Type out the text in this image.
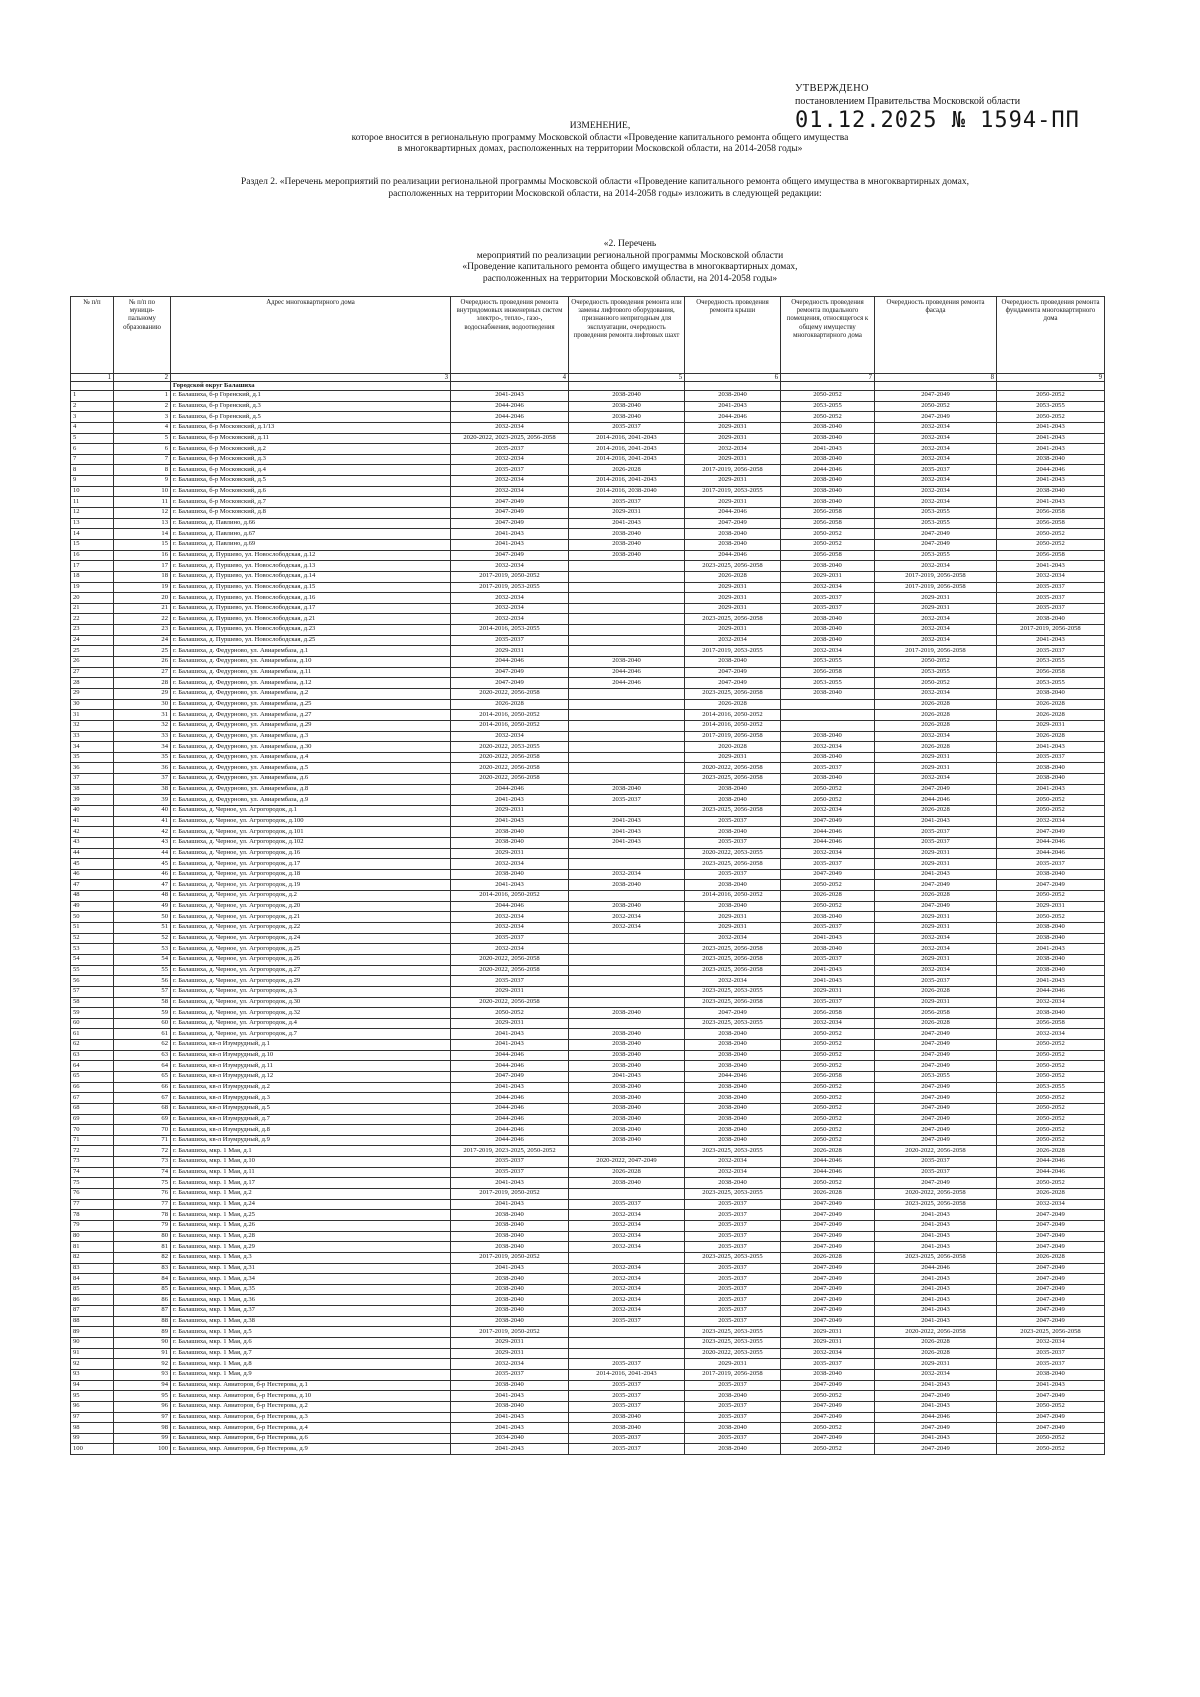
УТВЕРЖДЕНО
постановлением Правительства Московской области
01.12.2025 № 1594-ПП
ИЗМЕНЕНИЕ,
которое вносится в региональную программу Московской области «Проведение капитального ремонта общего имущества
в многоквартирных домах, расположенных на территории Московской области, на 2014-2058 годы»
Раздел 2. «Перечень мероприятий по реализации региональной программы Московской области «Проведение капитального ремонта общего имущества в многоквартирных домах,
расположенных на территории Московской области, на 2014-2058 годы» изложить в следующей редакции:
«2. Перечень
мероприятий по реализации региональной программы Московской области
«Проведение капитального ремонта общего имущества в многоквартирных домах,
расположенных на территории Московской области, на 2014-2058 годы»
№ п/п	№ п/п по муници-пальному образованию	Адрес многоквартирного дома	Очередность проведения ремонта внутридомовых инженерных систем электро-, тепло-, газо-, водоснабжения, водоотведения	Очередность проведения ремонта или замены лифтового оборудования, признанного непригодным для эксплуатации, очередность проведения ремонта лифтовых шахт	Очередность проведения ремонта крыши	Очередность проведения ремонта подвального помещения, относящегося к общему имуществу многоквартирного дома	Очередность проведения ремонта фасада	Очередность проведения ремонта фундамента многоквартирного дома
1	2	3	4	5	6	7	8	9
		Городской округ Балашиха						
1	1	г. Балашиха, б-р Горенский, д.1	2041-2043	2038-2040	2038-2040	2050-2052	2047-2049	2050-2052
2	2	г. Балашиха, б-р Горенский, д.3	2044-2046	2038-2040	2041-2043	2053-2055	2050-2052	2053-2055
3	3	г. Балашиха, б-р Горенский, д.5	2044-2046	2038-2040	2044-2046	2050-2052	2047-2049	2050-2052
4	4	г. Балашиха, б-р Московский, д.1/13	2032-2034	2035-2037	2029-2031	2038-2040	2032-2034	2041-2043
5	5	г. Балашиха, б-р Московский, д.11	2020-2022, 2023-2025, 2056-2058	2014-2016, 2041-2043	2029-2031	2038-2040	2032-2034	2041-2043
6	6	г. Балашиха, б-р Московский, д.2	2035-2037	2014-2016, 2041-2043	2032-2034	2041-2043	2032-2034	2041-2043
7	7	г. Балашиха, б-р Московский, д.3	2032-2034	2014-2016, 2041-2043	2029-2031	2038-2040	2032-2034	2038-2040
8	8	г. Балашиха, б-р Московский, д.4	2035-2037	2026-2028	2017-2019, 2056-2058	2044-2046	2035-2037	2044-2046
9	9	г. Балашиха, б-р Московский, д.5	2032-2034	2014-2016, 2041-2043	2029-2031	2038-2040	2032-2034	2041-2043
10	10	г. Балашиха, б-р Московский, д.6	2032-2034	2014-2016, 2038-2040	2017-2019, 2053-2055	2038-2040	2032-2034	2038-2040
11	11	г. Балашиха, б-р Московский, д.7	2047-2049	2035-2037	2029-2031	2038-2040	2032-2034	2041-2043
12	12	г. Балашиха, б-р Московский, д.8	2047-2049	2029-2031	2044-2046	2056-2058	2053-2055	2056-2058
13	13	г. Балашиха, д. Павлино, д.66	2047-2049	2041-2043	2047-2049	2056-2058	2053-2055	2056-2058
14	14	г. Балашиха, д. Павлино, д.67	2041-2043	2038-2040	2038-2040	2050-2052	2047-2049	2050-2052
15	15	г. Балашиха, д. Павлино, д.69	2041-2043	2038-2040	2038-2040	2050-2052	2047-2049	2050-2052
16	16	г. Балашиха, д. Пуршево, ул. Новослободская, д.12	2047-2049	2038-2040	2044-2046	2056-2058	2053-2055	2056-2058
17	17	г. Балашиха, д. Пуршево, ул. Новослободская, д.13	2032-2034		2023-2025, 2056-2058	2038-2040	2032-2034	2041-2043
18	18	г. Балашиха, д. Пуршево, ул. Новослободская, д.14	2017-2019, 2050-2052		2026-2028	2029-2031	2017-2019, 2056-2058	2032-2034
19	19	г. Балашиха, д. Пуршево, ул. Новослободская, д.15	2017-2019, 2053-2055		2029-2031	2032-2034	2017-2019, 2056-2058	2035-2037
20	20	г. Балашиха, д. Пуршево, ул. Новослободская, д.16	2032-2034		2029-2031	2035-2037	2029-2031	2035-2037
21	21	г. Балашиха, д. Пуршево, ул. Новослободская, д.17	2032-2034		2029-2031	2035-2037	2029-2031	2035-2037
22	22	г. Балашиха, д. Пуршево, ул. Новослободская, д.21	2032-2034		2023-2025, 2056-2058	2038-2040	2032-2034	2038-2040
23	23	г. Балашиха, д. Пуршево, ул. Новослободская, д.23	2014-2016, 2053-2055		2029-2031	2038-2040	2032-2034	2017-2019, 2056-2058
24	24	г. Балашиха, д. Пуршево, ул. Новослободская, д.25	2035-2037		2032-2034	2038-2040	2032-2034	2041-2043
25	25	г. Балашиха, д. Федурново, ул. Авиарембаза, д.1	2029-2031		2017-2019, 2053-2055	2032-2034	2017-2019, 2056-2058	2035-2037
26	26	г. Балашиха, д. Федурново, ул. Авиарембаза, д.10	2044-2046	2038-2040	2038-2040	2053-2055	2050-2052	2053-2055
27	27	г. Балашиха, д. Федурново, ул. Авиарембаза, д.11	2047-2049	2044-2046	2047-2049	2056-2058	2053-2055	2056-2058
28	28	г. Балашиха, д. Федурново, ул. Авиарембаза, д.12	2047-2049	2044-2046	2047-2049	2053-2055	2050-2052	2053-2055
29	29	г. Балашиха, д. Федурново, ул. Авиарембаза, д.2	2020-2022, 2056-2058		2023-2025, 2056-2058	2038-2040	2032-2034	2038-2040
30	30	г. Балашиха, д. Федурново, ул. Авиарембаза, д.25	2026-2028		2026-2028		2026-2028	2026-2028
31	31	г. Балашиха, д. Федурново, ул. Авиарембаза, д.27	2014-2016, 2050-2052		2014-2016, 2050-2052		2026-2028	2026-2028
32	32	г. Балашиха, д. Федурново, ул. Авиарембаза, д.29	2014-2016, 2050-2052		2014-2016, 2050-2052		2026-2028	2029-2031
33	33	г. Балашиха, д. Федурново, ул. Авиарембаза, д.3	2032-2034		2017-2019, 2056-2058	2038-2040	2032-2034	2026-2028
34	34	г. Балашиха, д. Федурново, ул. Авиарембаза, д.30	2020-2022, 2053-2055		2020-2028	2032-2034	2026-2028	2041-2043
35	35	г. Балашиха, д. Федурново, ул. Авиарембаза, д.4	2020-2022, 2056-2058		2029-2031	2038-2040	2029-2031	2035-2037
36	36	г. Балашиха, д. Федурново, ул. Авиарембаза, д.5	2020-2022, 2056-2058		2020-2022, 2056-2058	2035-2037	2029-2031	2038-2040
37	37	г. Балашиха, д. Федурново, ул. Авиарембаза, д.6	2020-2022, 2056-2058		2023-2025, 2056-2058	2038-2040	2032-2034	2038-2040
38	38	г. Балашиха, д. Федурново, ул. Авиарембаза, д.8	2044-2046	2038-2040	2038-2040	2050-2052	2047-2049	2041-2043
39	39	г. Балашиха, д. Федурново, ул. Авиарембаза, д.9	2041-2043	2035-2037	2038-2040	2050-2052	2044-2046	2050-2052
40	40	г. Балашиха, д. Черное, ул. Агрогородок, д.1	2029-2031		2023-2025, 2056-2058	2032-2034	2026-2028	2050-2052
41	41	г. Балашиха, д. Черное, ул. Агрогородок, д.100	2041-2043	2041-2043	2035-2037	2047-2049	2041-2043	2032-2034
42	42	г. Балашиха, д. Черное, ул. Агрогородок, д.101	2038-2040	2041-2043	2038-2040	2044-2046	2035-2037	2047-2049
43	43	г. Балашиха, д. Черное, ул. Агрогородок, д.102	2038-2040	2041-2043	2035-2037	2044-2046	2035-2037	2044-2046
44	44	г. Балашиха, д. Черное, ул. Агрогородок, д.16	2029-2031		2020-2022, 2053-2055	2032-2034	2029-2031	2044-2046
45	45	г. Балашиха, д. Черное, ул. Агрогородок, д.17	2032-2034		2023-2025, 2056-2058	2035-2037	2029-2031	2035-2037
46	46	г. Балашиха, д. Черное, ул. Агрогородок, д.18	2038-2040	2032-2034	2035-2037	2047-2049	2041-2043	2038-2040
47	47	г. Балашиха, д. Черное, ул. Агрогородок, д.19	2041-2043	2038-2040	2038-2040	2050-2052	2047-2049	2047-2049
48	48	г. Балашиха, д. Черное, ул. Агрогородок, д.2	2014-2016, 2050-2052		2014-2016, 2050-2052	2026-2028	2026-2028	2050-2052
49	49	г. Балашиха, д. Черное, ул. Агрогородок, д.20	2044-2046	2038-2040	2038-2040	2050-2052	2047-2049	2029-2031
50	50	г. Балашиха, д. Черное, ул. Агрогородок, д.21	2032-2034	2032-2034	2029-2031	2038-2040	2029-2031	2050-2052
51	51	г. Балашиха, д. Черное, ул. Агрогородок, д.22	2032-2034	2032-2034	2029-2031	2035-2037	2029-2031	2038-2040
52	52	г. Балашиха, д. Черное, ул. Агрогородок, д.24	2035-2037		2032-2034	2041-2043	2032-2034	2038-2040
53	53	г. Балашиха, д. Черное, ул. Агрогородок, д.25	2032-2034		2023-2025, 2056-2058	2038-2040	2032-2034	2041-2043
54	54	г. Балашиха, д. Черное, ул. Агрогородок, д.26	2020-2022, 2056-2058		2023-2025, 2056-2058	2035-2037	2029-2031	2038-2040
55	55	г. Балашиха, д. Черное, ул. Агрогородок, д.27	2020-2022, 2056-2058		2023-2025, 2056-2058	2041-2043	2032-2034	2038-2040
56	56	г. Балашиха, д. Черное, ул. Агрогородок, д.29	2035-2037		2032-2034	2041-2043	2035-2037	2041-2043
57	57	г. Балашиха, д. Черное, ул. Агрогородок, д.3	2029-2031		2023-2025, 2053-2055	2029-2031	2026-2028	2044-2046
58	58	г. Балашиха, д. Черное, ул. Агрогородок, д.30	2020-2022, 2056-2058		2023-2025, 2056-2058	2035-2037	2029-2031	2032-2034
59	59	г. Балашиха, д. Черное, ул. Агрогородок, д.32	2050-2052	2038-2040	2047-2049	2056-2058	2056-2058	2038-2040
60	60	г. Балашиха, д. Черное, ул. Агрогородок, д.4	2029-2031		2023-2025, 2053-2055	2032-2034	2026-2028	2056-2058
61	61	г. Балашиха, д. Черное, ул. Агрогородок, д.7	2041-2043	2038-2040	2038-2040	2050-2052	2047-2049	2032-2034
62	62	г. Балашиха, кв-л Изумрудный, д.1	2041-2043	2038-2040	2038-2040	2050-2052	2047-2049	2050-2052
63	63	г. Балашиха, кв-л Изумрудный, д.10	2044-2046	2038-2040	2038-2040	2050-2052	2047-2049	2050-2052
64	64	г. Балашиха, кв-л Изумрудный, д.11	2044-2046	2038-2040	2038-2040	2050-2052	2047-2049	2050-2052
65	65	г. Балашиха, кв-л Изумрудный, д.12	2047-2049	2041-2043	2044-2046	2056-2058	2053-2055	2050-2052
66	66	г. Балашиха, кв-л Изумрудный, д.2	2041-2043	2038-2040	2038-2040	2050-2052	2047-2049	2053-2055
67	67	г. Балашиха, кв-л Изумрудный, д.3	2044-2046	2038-2040	2038-2040	2050-2052	2047-2049	2050-2052
68	68	г. Балашиха, кв-л Изумрудный, д.5	2044-2046	2038-2040	2038-2040	2050-2052	2047-2049	2050-2052
69	69	г. Балашиха, кв-л Изумрудный, д.7	2044-2046	2038-2040	2038-2040	2050-2052	2047-2049	2050-2052
70	70	г. Балашиха, кв-л Изумрудный, д.8	2044-2046	2038-2040	2038-2040	2050-2052	2047-2049	2050-2052
71	71	г. Балашиха, кв-л Изумрудный, д.9	2044-2046	2038-2040	2038-2040	2050-2052	2047-2049	2050-2052
72	72	г. Балашиха, мкр. 1 Мая, д.1	2017-2019, 2023-2025, 2050-2052		2023-2025, 2053-2055	2026-2028	2020-2022, 2056-2058	2026-2028
73	73	г. Балашиха, мкр. 1 Мая, д.10	2035-2037	2020-2022, 2047-2049	2032-2034	2044-2046	2035-2037	2044-2046
74	74	г. Балашиха, мкр. 1 Мая, д.11	2035-2037	2026-2028	2032-2034	2044-2046	2035-2037	2044-2046
75	75	г. Балашиха, мкр. 1 Мая, д.17	2041-2043	2038-2040	2038-2040	2050-2052	2047-2049	2050-2052
76	76	г. Балашиха, мкр. 1 Мая, д.2	2017-2019, 2050-2052		2023-2025, 2053-2055	2026-2028	2020-2022, 2056-2058	2026-2028
77	77	г. Балашиха, мкр. 1 Мая, д.24	2041-2043	2035-2037	2035-2037	2047-2049	2023-2025, 2056-2058	2032-2034
78	78	г. Балашиха, мкр. 1 Мая, д.25	2038-2040	2032-2034	2035-2037	2047-2049	2041-2043	2047-2049
79	79	г. Балашиха, мкр. 1 Мая, д.26	2038-2040	2032-2034	2035-2037	2047-2049	2041-2043	2047-2049
80	80	г. Балашиха, мкр. 1 Мая, д.28	2038-2040	2032-2034	2035-2037	2047-2049	2041-2043	2047-2049
81	81	г. Балашиха, мкр. 1 Мая, д.29	2038-2040	2032-2034	2035-2037	2047-2049	2041-2043	2047-2049
82	82	г. Балашиха, мкр. 1 Мая, д.3	2017-2019, 2050-2052		2023-2025, 2053-2055	2026-2028	2023-2025, 2056-2058	2026-2028
83	83	г. Балашиха, мкр. 1 Мая, д.31	2041-2043	2032-2034	2035-2037	2047-2049	2044-2046	2047-2049
84	84	г. Балашиха, мкр. 1 Мая, д.34	2038-2040	2032-2034	2035-2037	2047-2049	2041-2043	2047-2049
85	85	г. Балашиха, мкр. 1 Мая, д.35	2038-2040	2032-2034	2035-2037	2047-2049	2041-2043	2047-2049
86	86	г. Балашиха, мкр. 1 Мая, д.36	2038-2040	2032-2034	2035-2037	2047-2049	2041-2043	2047-2049
87	87	г. Балашиха, мкр. 1 Мая, д.37	2038-2040	2032-2034	2035-2037	2047-2049	2041-2043	2047-2049
88	88	г. Балашиха, мкр. 1 Мая, д.38	2038-2040	2035-2037	2035-2037	2047-2049	2041-2043	2047-2049
89	89	г. Балашиха, мкр. 1 Мая, д.5	2017-2019, 2050-2052		2023-2025, 2053-2055	2029-2031	2020-2022, 2056-2058	2023-2025, 2056-2058
90	90	г. Балашиха, мкр. 1 Мая, д.6	2029-2031		2023-2025, 2053-2055	2029-2031	2026-2028	2032-2034
91	91	г. Балашиха, мкр. 1 Мая, д.7	2029-2031		2020-2022, 2053-2055	2032-2034	2026-2028	2035-2037
92	92	г. Балашиха, мкр. 1 Мая, д.8	2032-2034	2035-2037	2029-2031	2035-2037	2029-2031	2035-2037
93	93	г. Балашиха, мкр. 1 Мая, д.9	2035-2037	2014-2016, 2041-2043	2017-2019, 2056-2058	2038-2040	2032-2034	2038-2040
94	94	г. Балашиха, мкр. Авиаторов, б-р Нестерова, д.1	2038-2040	2035-2037	2035-2037	2047-2049	2041-2043	2041-2043
95	95	г. Балашиха, мкр. Авиаторов, б-р Нестерова, д.10	2041-2043	2035-2037	2038-2040	2050-2052	2047-2049	2047-2049
96	96	г. Балашиха, мкр. Авиаторов, б-р Нестерова, д.2	2038-2040	2035-2037	2035-2037	2047-2049	2041-2043	2050-2052
97	97	г. Балашиха, мкр. Авиаторов, б-р Нестерова, д.3	2041-2043	2038-2040	2035-2037	2047-2049	2044-2046	2047-2049
98	98	г. Балашиха, мкр. Авиаторов, б-р Нестерова, д.4	2041-2043	2038-2040	2038-2040	2050-2052	2047-2049	2047-2049
99	99	г. Балашиха, мкр. Авиаторов, б-р Нестерова, д.6	2034-2040	2035-2037	2035-2037	2047-2049	2041-2043	2050-2052
100	100	г. Балашиха, мкр. Авиаторов, б-р Нестерова, д.9	2041-2043	2035-2037	2038-2040	2050-2052	2047-2049	2050-2052
